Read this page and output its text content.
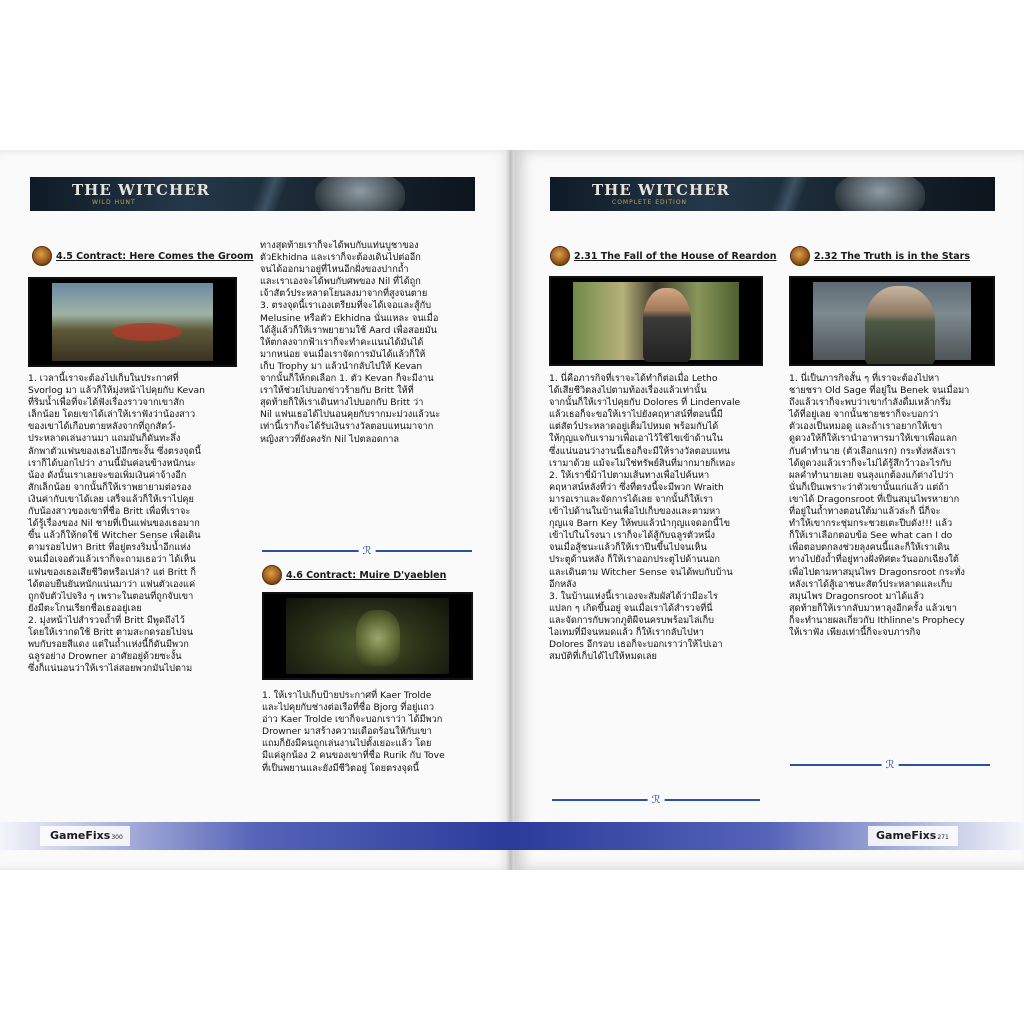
THE WITCHER
WILD HUNT
THE WITCHER
COMPLETE EDITION
4.5 Contract: Here Comes the Groom

1. เวลานี้เราจะต้องไปเก็บในประกาศที่

Svorlog มา แล้วก็ให้มุ่งหน้าไปคุยกับ Kevan

ที่ริมน้ำเพื่อที่จะได้ฟังเรื่องราวจากเขาสัก

เล็กน้อย โดยเขาได้เล่าให้เราฟังว่าน้องสาว

ของเขาได้เกือบตายหลังจากที่ถูกสัตว์-

ประหลาดเล่นงานมา แถมมันก็ดันทะลึ่ง

ลักพาตัวแฟนของเธอไปอีกซะงั้น ซึ่งตรงจุดนี้

เราก็ได้บอกไปว่า งานนี้มันค่อนข้างหนักนะ

น้อง ดังนั้นเราเลยจะขอเพิ่มเงินค่าจ้างอีก

สักเล็กน้อย จากนั้นก็ให้เราพยายามต่อรอง

เงินค่ากับเขาได้เลย เสร็จแล้วก็ให้เราไปคุย

กับน้องสาวของเขาที่ชื่อ Britt เพื่อที่เราจะ

ได้รู้เรื่องของ Nil ชายที่เป็นแฟนของเธอมาก

ขึ้น แล้วก็ให้กดใช้ Witcher Sense เพื่อเดิน

ตามรอยไปหา Britt ที่อยู่ตรงริมน้ำอีกแห่ง

จนเมื่อเจอตัวแล้วเราก็จะถามเธอว่า ได้เห็น

แฟนของเธอเสียชีวิตหรือเปล่า? แต่ Britt ก็

ได้ตอบยืนยันหนักแน่นมาว่า แฟนตัวเองแค่

ถูกจับตัวไปจริง ๆ เพราะในตอนที่ถูกจับเขา

ยังมีตะโกนเรียกชื่อเธออยู่เลย

2. มุ่งหน้าไปสำรวจถ้ำที่ Britt มีพูดถึงไว้

โดยให้เรากดใช้ Britt ตามสะกดรอยไปจน

พบกับรอยสีแดง แต่ในถ้ำแห่งนี้ก็ดันมีพวก

ฉลูรอย่าง Drowner อาศัยอยู่ด้วยซะงั้น

ซึ่งก็แน่นอนว่าให้เราไล่สอยพวกมันไปตาม

ทางสุดท้ายเราก็จะได้พบกับแท่นบูชาของ

ตัวEkhidna และเราก็จะต้องเดินไปต่ออีก

จนได้ออกมาอยู่ที่ไหนอีกฝั่งของปากถ้ำ

และเราเองจะได้พบกับศพของ Nil ที่ได้ถูก

เจ้าสัตว์ประหลาดโยนลงมาจากที่สูงจนตาย

3. ตรงจุดนี้เราเองเตรียมที่จะได้เจอและสู้กับ

Melusine หรือตัว Ekhidna นั่นแหละ จนเมื่อ

ได้สู้แล้วก็ให้เราพยายามใช้ Aard เพื่อสอยมัน

ให้ตกลงจากฟ้าเราก็จะทำคะแนนได้มันได้

มากหน่อย จนเมื่อเราจัดการมันได้แล้วก็ให้

เก็บ Trophy มา แล้วนำกลับไปให้ Kevan

จากนั้นก็ให้กดเลือก 1. ตัว Kevan ก็จะมีงาน

เราให้ช่วยไปบอกข่าวร้ายกับ Britt ให้ที่

สุดท้ายก็ให้เราเดินทางไปบอกกับ Britt ว่า

Nil แฟนเธอได้ไปนอนคุยกับรากมะม่วงแล้วนะ

เท่านี้เราก็จะได้รับเงินรางวัลตอบแทนมาจาก

หญิงสาวที่ยังคงรัก Nil ไปตลอดกาล

ℛ
4.6 Contract: Muire D'yaeblen

1. ให้เราไปเก็บป้ายประกาศที่ Kaer Trolde

และไปคุยกับช่างต่อเรือที่ชื่อ Bjorg ที่อยู่แถว

อ่าว Kaer Trolde เขาก็จะบอกเราว่า ได้มีพวก

Drowner มาสร้างความเดือดร้อนให้กับเขา

แถมก็ยังมีคนถูกเล่นงานไปตั้งเยอะแล้ว โดย

มีแค่ลูกน้อง 2 คนของเขาที่ชื่อ Rurik กับ Tove

ที่เป็นพยานและยังมีชีวิตอยู่ โดยตรงจุดนี้

2.31 The Fall of the House of Reardon

1. นี่คือภารกิจที่เราจะได้ทำก็ต่อเมื่อ Letho

ได้เสียชีวิตลงไปตามท้องเรื่องแล้วเท่านั้น

จากนั้นก็ให้เราไปคุยกับ Dolores ที่ Lindenvale

แล้วเธอก็จะขอให้เราไปยังคฤหาสน์ที่ตอนนี้มี

แต่สัตว์ประหลาดอยู่เต็มไปหมด พร้อมกับได้

ให้กุญแจกับเรามาเพื่อเอาไว้ใช้ไขเข้าด้านใน

ซึ่งแน่นอนว่างานนี้เธอก็จะมีให้รางวัลตอบแทน

เรามาด้วย แม้จะไม่ใช่ทรัพย์สินที่มากมายก็เหอะ

2. ให้เราขี่ม้าไปตามเส้นทางเพื่อไปค้นหา

คฤหาสน์หลังที่ว่า ซึ่งที่ตรงนี้จะมีพวก Wraith

มารอเราและจัดการได้เลย จากนั้นก็ให้เรา

เข้าไปด้านในบ้านเพื่อไปเก็บของและตามหา

กุญแจ Barn Key ให้พบแล้วนำกุญแจดอกนี้ไข

เข้าไปในโรงนา เราก็จะได้สู้กับฉลูรตัวหนึ่ง

จนเมื่อสู้ชนะแล้วก็ให้เราปีนขึ้นไปจนเห็น

ประตูด้านหลัง ก็ให้เราออกประตูไปด้านนอก

และเดินตาม Witcher Sense จนได้พบกับบ้าน

อีกหลัง

3. ในบ้านแห่งนี้เราเองจะสัมผัสได้ว่ามีอะไร

แปลก ๆ เกิดขึ้นอยู่ จนเมื่อเราได้สำรวจที่นี่

และจัดการกับพวกภูติผีจนครบพร้อมไล่เก็บ

ไอเทมที่มีจนหมดแล้ว ก็ให้เรากลับไปหา

Dolores อีกรอบ เธอก็จะบอกเราว่าให้ไปเอา

สมบัติที่เก็บได้ไปให้หมดเลย

ℛ
2.32 The Truth is in the Stars

1. นี่เป็นภารกิจสั้น ๆ ที่เราจะต้องไปหา

ชายชรา Old Sage ที่อยู่ใน Benek จนเมื่อมา

ถึงแล้วเราก็จะพบว่าเขากำลังดื่มเหล้ากรึ่ม

ได้ที่อยู่เลย จากนั้นชายชราก็จะบอกว่า

ตัวเองเป็นหมอดู และถ้าเราอยากให้เขา

ดูดวงให้ก็ให้เรานำอาหารมาให้เขาเพื่อแลก

กับคำทำนาย (ตัวเลือกแรก) กระทั่งหลังเรา

ได้ดูดวงแล้วเราก็จะไม่ได้รู้สึกว้าวอะไรกับ

ผลคำทำนายเลย จนลุงแกต้องแก้ต่างไปว่า

นั่นก็เป็นเพราะว่าตัวเขานั้นแก่แล้ว แต่ถ้า

เขาได้ Dragonsroot ที่เป็นสมุนไพรหายาก

ที่อยู่ในถ้ำทางตอนใต้มาแล้วล่ะก็ นี่ก็จะ

ทำให้เขากระชุ่มกระชวยเตะปีบดัง!!! แล้ว

ก็ให้เราเลือกตอบข้อ See what can I do

เพื่อตอบตกลงช่วยลุงคนนี้และก็ให้เราเดิน

ทางไปยังถ้ำที่อยู่ทางฝั่งทิศตะวันออกเฉียงใต้

เพื่อไปตามหาสมุนไพร Dragonsroot กระทั่ง

หลังเราได้สู้เอาชนะสัตว์ประหลาดและเก็บ

สมุนไพร Dragonsroot มาได้แล้ว

สุดท้ายก็ให้เรากลับมาหาลุงอีกครั้ง แล้วเขา

ก็จะทำนายผลเกี่ยวกับ Ithlinne's Prophecy

ให้เราฟัง เพียงเท่านี้ก็จะจบภารกิจ

ℛ
GameFixs300	GameFixs271
